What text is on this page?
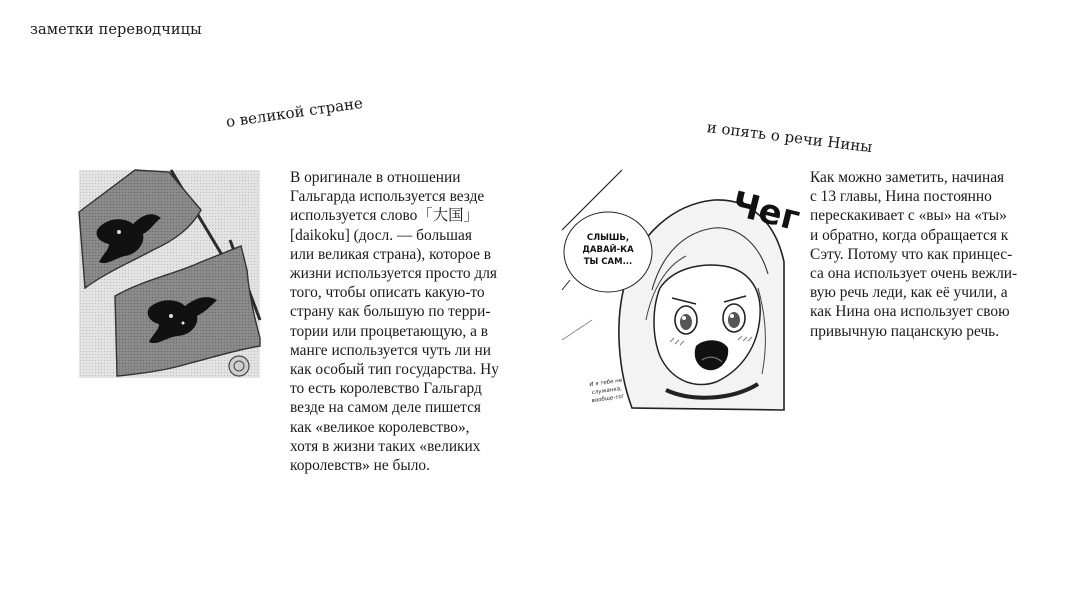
заметки переводчицы
о великой стране
В оригинале в отношении
Гальгарда используется везде
используется слово「大国」
[daikoku] (досл. — большая
или великая страна), которое в
жизни используется просто для
того, чтобы описать какую-то
страну как большую по терри-
тории или процветающую, а в
манге используется чуть ли ни
как особый тип государства. Ну
то есть королевство Гальгард
везде на самом деле пишется
как «великое королевство»,
хотя в жизни таких «великих
королевств» не было.
и опять о речи Нины
СЛЫШЬ,
ДАВАЙ-КА
ТЫ САМ...
Чег
И я тебе не
служанка,
вообще-то!
Как можно заметить, начиная
с 13 главы, Нина постоянно
перескакивает с «вы» на «ты»
и обратно, когда обращается к
Сэту. Потому что как принцес-
са она использует очень вежли-
вую речь леди, как её учили, а
как Нина она использует свою
привычную пацанскую речь.
